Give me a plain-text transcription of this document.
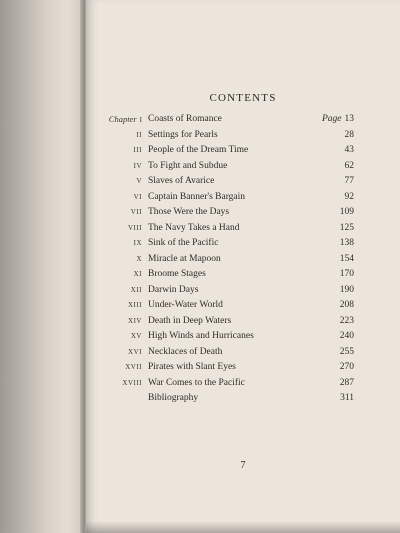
CONTENTS
Chapter I Coasts of Romance	Page 13
II Settings for Pearls	28
III People of the Dream Time	43
IV To Fight and Subdue	62
V Slaves of Avarice	77
VI Captain Banner's Bargain	92
VII Those Were the Days	109
VIII The Navy Takes a Hand	125
IX Sink of the Pacific	138
X Miracle at Mapoon	154
XI Broome Stages	170
XII Darwin Days	190
XIII Under-Water World	208
XIV Death in Deep Waters	223
XV High Winds and Hurricanes	240
XVI Necklaces of Death	255
XVII Pirates with Slant Eyes	270
XVIII War Comes to the Pacific	287
Bibliography	311
7
